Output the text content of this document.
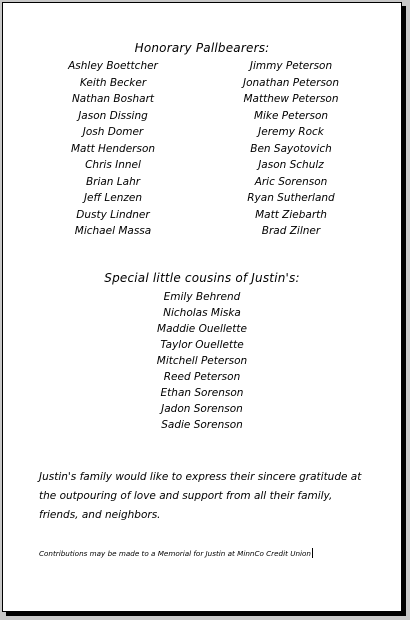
Honorary Pallbearers:
Ashley Boettcher
Keith Becker
Nathan Boshart
Jason Dissing
Josh Domer
Matt Henderson
Chris Innel
Brian Lahr
Jeff Lenzen
Dusty Lindner
Michael Massa
Jimmy Peterson
Jonathan Peterson
Matthew Peterson
Mike Peterson
Jeremy Rock
Ben Sayotovich
Jason Schulz
Aric Sorenson
Ryan Sutherland
Matt Ziebarth
Brad Zilner
Special little cousins of Justin's:
Emily Behrend
Nicholas Miska
Maddie Ouellette
Taylor Ouellette
Mitchell Peterson
Reed Peterson
Ethan Sorenson
Jadon Sorenson
Sadie Sorenson
Justin's family would like to express their sincere gratitude at the outpouring of love and support from all their family, friends, and neighbors.
Contributions may be made to a Memorial for Justin at MinnCo Credit Union
